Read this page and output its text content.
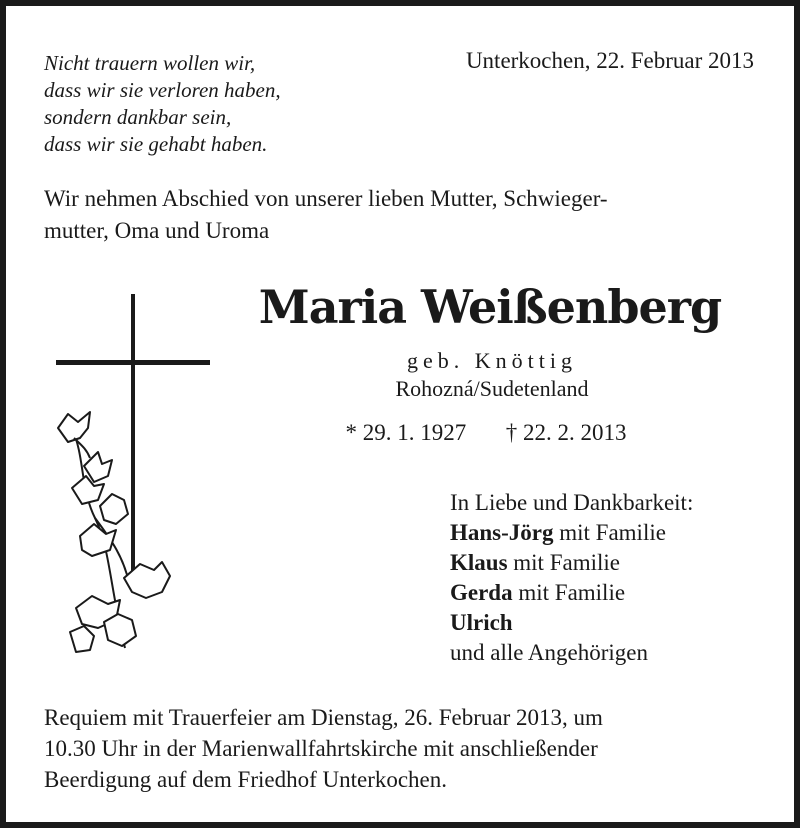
Nicht trauern wollen wir,
dass wir sie verloren haben,
sondern dankbar sein,
dass wir sie gehabt haben.
Unterkochen, 22. Februar 2013
Wir nehmen Abschied von unserer lieben Mutter, Schwieger-
mutter, Oma und Uroma
Maria Weißenberg
geb. Knöttig
Rohozná/Sudetenland
* 29. 1. 1927 † 22. 2. 2013
In Liebe und Dankbarkeit:
Hans-Jörg mit Familie
Klaus mit Familie
Gerda mit Familie
Ulrich
und alle Angehörigen
Requiem mit Trauerfeier am Dienstag, 26. Februar 2013, um
10.30 Uhr in der Marienwallfahrtskirche mit anschließender
Beerdigung auf dem Friedhof Unterkochen.
